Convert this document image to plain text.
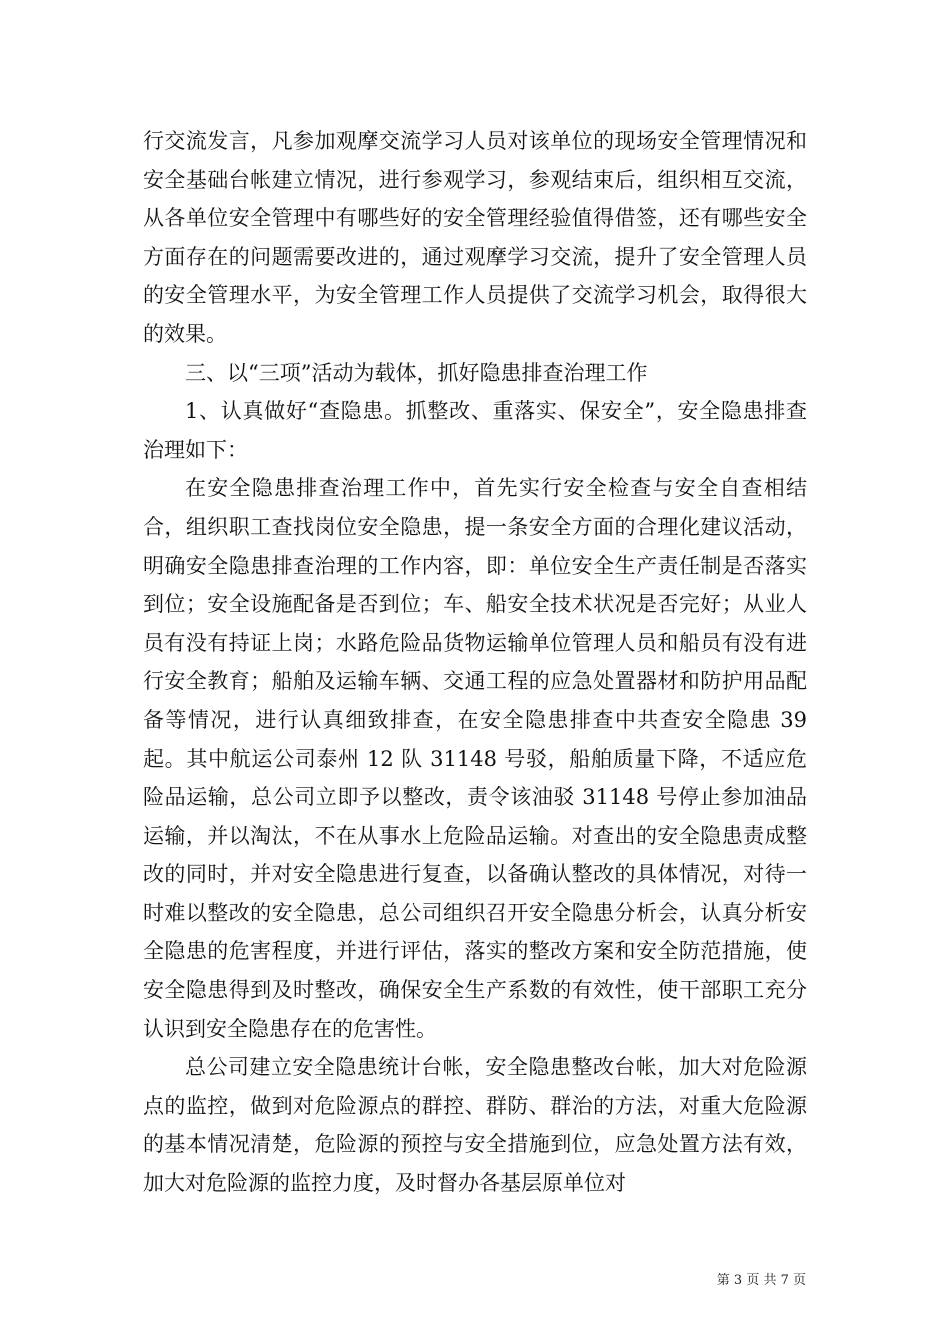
行交流发言，凡参加观摩交流学习人员对该单位的现场安全管理情况和安全基础台帐建立情况，进行参观学习，参观结束后，组织相互交流，从各单位安全管理中有哪些好的安全管理经验值得借签，还有哪些安全方面存在的问题需要改进的，通过观摩学习交流，提升了安全管理人员的安全管理水平，为安全管理工作人员提供了交流学习机会，取得很大的效果。

三、以“三项”活动为载体，抓好隐患排查治理工作

1、认真做好“查隐患。抓整改、重落实、保安全”，安全隐患排查治理如下：

在安全隐患排查治理工作中，首先实行安全检查与安全自查相结合，组织职工查找岗位安全隐患，提一条安全方面的合理化建议活动，明确安全隐患排查治理的工作内容，即：单位安全生产责任制是否落实到位；安全设施配备是否到位；车、船安全技术状况是否完好；从业人员有没有持证上岗；水路危险品货物运输单位管理人员和船员有没有进行安全教育；船舶及运输车辆、交通工程的应急处置器材和防护用品配备等情况，进行认真细致排查，在安全隐患排查中共查安全隐患 39 起。其中航运公司泰州 12 队 31148 号驳，船舶质量下降，不适应危险品运输，总公司立即予以整改，责令该油驳 31148 号停止参加油品运输，并以淘汰，不在从事水上危险品运输。对查出的安全隐患责成整改的同时，并对安全隐患进行复查，以备确认整改的具体情况，对待一时难以整改的安全隐患，总公司组织召开安全隐患分析会，认真分析安全隐患的危害程度，并进行评估，落实的整改方案和安全防范措施，使安全隐患得到及时整改，确保安全生产系数的有效性，使干部职工充分认识到安全隐患存在的危害性。

总公司建立安全隐患统计台帐，安全隐患整改台帐，加大对危险源点的监控，做到对危险源点的群控、群防、群治的方法，对重大危险源的基本情况清楚，危险源的预控与安全措施到位，应急处置方法有效，加大对危险源的监控力度，及时督办各基层原单位对

第 3 页 共 7 页
